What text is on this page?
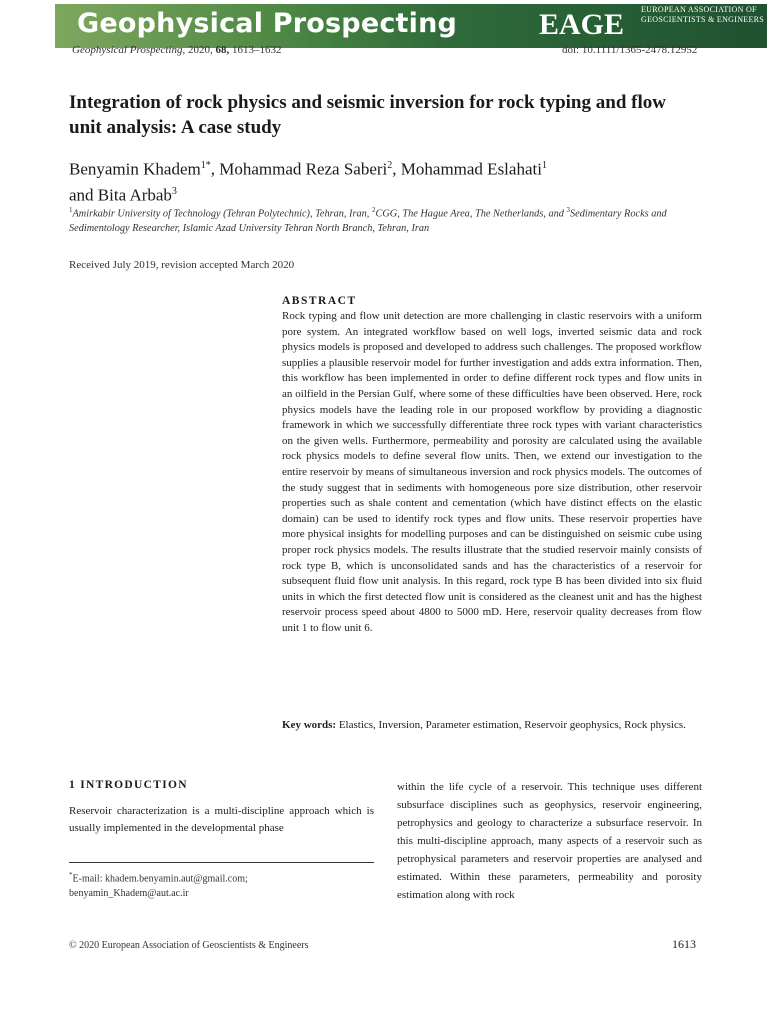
Geophysical Prospecting	EAGE EUROPEAN ASSOCIATION OF GEOSCIENTISTS & ENGINEERS
Geophysical Prospecting, 2020, 68, 1613–1632	doi: 10.1111/1365-2478.12952
Integration of rock physics and seismic inversion for rock typing and flow unit analysis: A case study
Benyamin Khadem$^{1*}$, Mohammad Reza Saberi$^2$, Mohammad Eslahati$^1$
and Bita Arbab$^3$
$^1$Amirkabir University of Technology (Tehran Polytechnic), Tehran, Iran, $^2$CGG, The Hague Area, The Netherlands, and $^3$Sedimentary Rocks and Sedimentology Researcher, Islamic Azad University Tehran North Branch, Tehran, Iran
Received July 2019, revision accepted March 2020
ABSTRACT
Rock typing and flow unit detection are more challenging in clastic reservoirs with a uniform pore system. An integrated workflow based on well logs, inverted seismic data and rock physics models is proposed and developed to address such challenges. The proposed workflow supplies a plausible reservoir model for further investigation and adds extra information. Then, this workflow has been implemented in order to define different rock types and flow units in an oilfield in the Persian Gulf, where some of these difficulties have been observed. Here, rock physics models have the leading role in our proposed workflow by providing a diagnostic framework in which we successfully differentiate three rock types with variant characteristics on the given wells. Furthermore, permeability and porosity are calculated using the available rock physics models to define several flow units. Then, we extend our investigation to the entire reservoir by means of simultaneous inversion and rock physics models. The outcomes of the study suggest that in sediments with homogeneous pore size distribution, other reservoir properties such as shale content and cementation (which have distinct effects on the elastic domain) can be used to identify rock types and flow units. These reservoir properties have more physical insights for modelling purposes and can be distinguished on seismic cube using proper rock physics models. The results illustrate that the studied reservoir mainly consists of rock type B, which is unconsolidated sands and has the characteristics of a reservoir for subsequent fluid flow unit analysis. In this regard, rock type B has been divided into six fluid units in which the first detected flow unit is considered as the cleanest unit and has the highest reservoir process speed about 4800 to 5000 mD. Here, reservoir quality decreases from flow unit 1 to flow unit 6.
Key words: Elastics, Inversion, Parameter estimation, Reservoir geophysics, Rock physics.
1 INTRODUCTION
Reservoir characterization is a multi-discipline approach which is usually implemented in the developmental phase
*E-mail: khadem.benyamin.aut@gmail.com;
benyamin_Khadem@aut.ac.ir
within the life cycle of a reservoir. This technique uses different subsurface disciplines such as geophysics, reservoir engineering, petrophysics and geology to characterize a subsurface reservoir. In this multi-discipline approach, many aspects of a reservoir such as petrophysical parameters and reservoir properties are analysed and estimated. Within these parameters, permeability and porosity estimation along with rock
© 2020 European Association of Geoscientists & Engineers	1613
